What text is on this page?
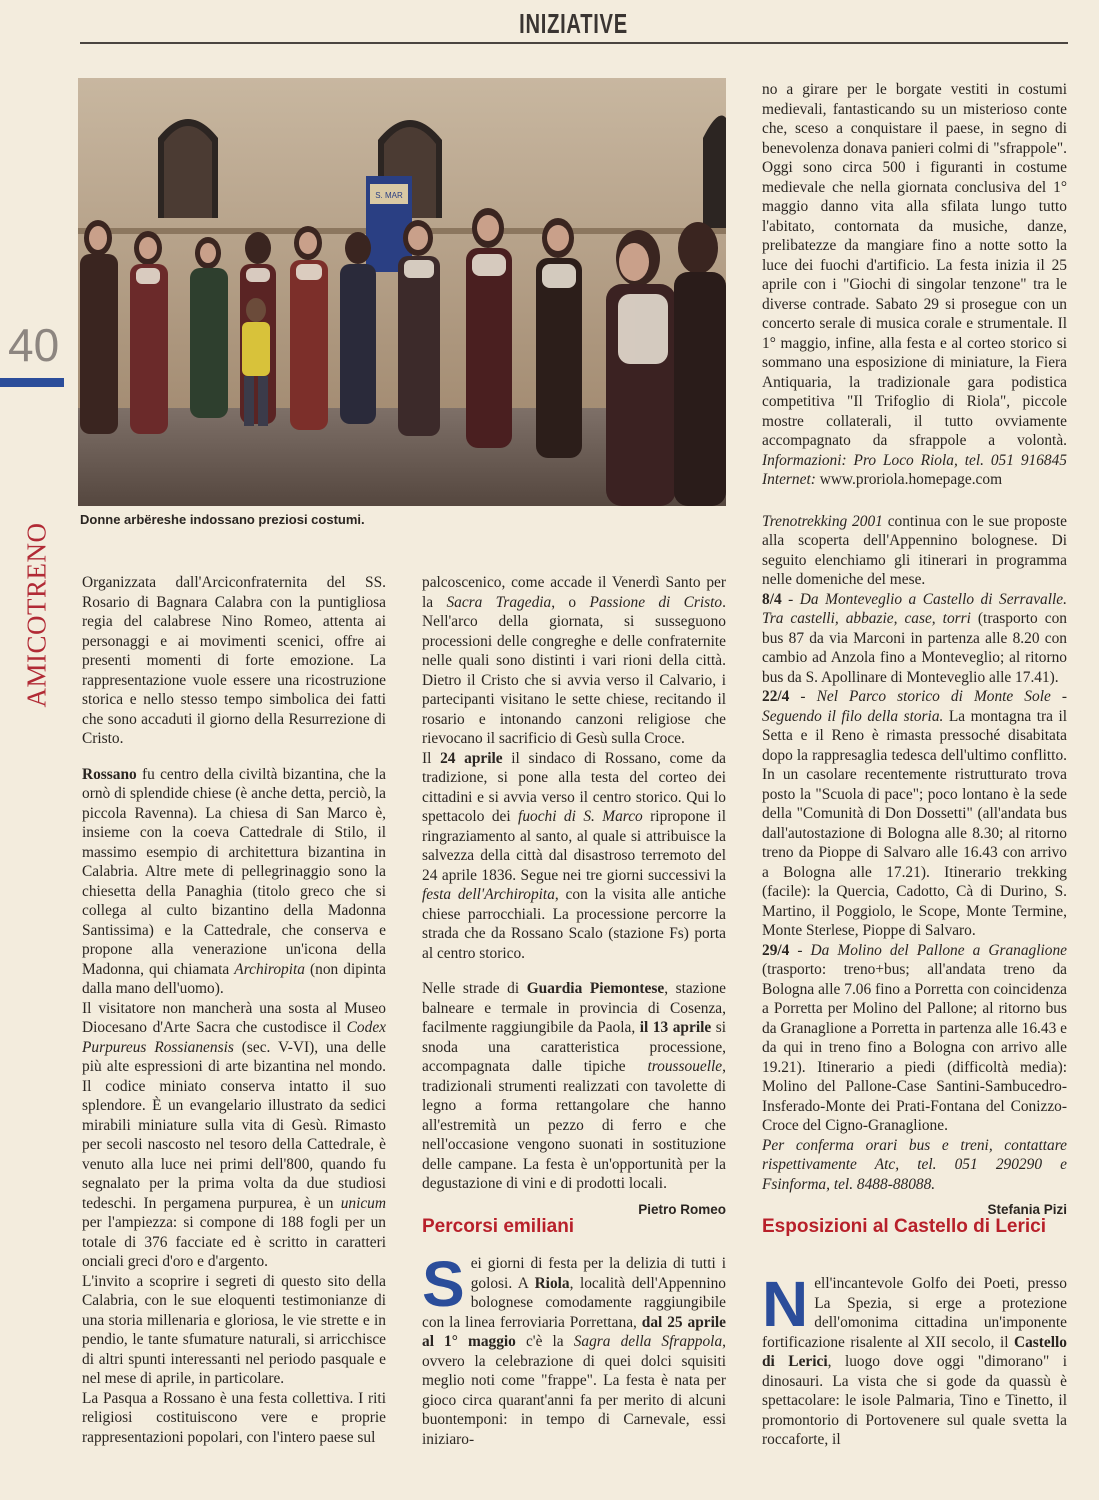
INIZIATIVE
40
AMICOTRENO
S. MAR
Donne arbëreshe indossano preziosi costumi.

Organizzata dall'Arciconfraternita del SS. Rosario di Bagnara Calabra con la puntigliosa regia del calabrese Nino Romeo, attenta ai personaggi e ai movimenti scenici, offre ai presenti momenti di forte emozione. La rappresentazione vuole essere una ricostruzione storica e nello stesso tempo simbolica dei fatti che sono accaduti il giorno della Resurrezione di Cristo.

Rossano fu centro della civiltà bizantina, che la ornò di splendide chiese (è anche detta, perciò, la piccola Ravenna). La chiesa di San Marco è, insieme con la coeva Cattedrale di Stilo, il massimo esempio di architettura bizantina in Calabria. Altre mete di pellegrinaggio sono la chiesetta della Panaghia (titolo greco che si collega al culto bizantino della Madonna Santissima) e la Cattedrale, che conserva e propone alla venerazione un'icona della Madonna, qui chiamata Archiropita (non dipinta dalla mano dell'uomo).

Il visitatore non mancherà una sosta al Museo Diocesano d'Arte Sacra che custodisce il Codex Purpureus Rossianensis (sec. V-VI), una delle più alte espressioni di arte bizantina nel mondo. Il codice miniato conserva intatto il suo splendore. È un evangelario illustrato da sedici mirabili miniature sulla vita di Gesù. Rimasto per secoli nascosto nel tesoro della Cattedrale, è venuto alla luce nei primi dell'800, quando fu segnalato per la prima volta da due studiosi tedeschi. In pergamena purpurea, è un unicum per l'ampiezza: si compone di 188 fogli per un totale di 376 facciate ed è scritto in caratteri onciali greci d'oro e d'argento.

L'invito a scoprire i segreti di questo sito della Calabria, con le sue eloquenti testimonianze di una storia millenaria e gloriosa, le vie strette e in pendio, le tante sfumature naturali, si arricchisce di altri spunti interessanti nel periodo pasquale e nel mese di aprile, in particolare.

La Pasqua a Rossano è una festa collettiva. I riti religiosi costituiscono vere e proprie rappresentazioni popolari, con l'intero paese sul

palcoscenico, come accade il Venerdì Santo per la Sacra Tragedia, o Passione di Cristo. Nell'arco della giornata, si susseguono processioni delle congreghe e delle confraternite nelle quali sono distinti i vari rioni della città. Dietro il Cristo che si avvia verso il Calvario, i partecipanti visitano le sette chiese, recitando il rosario e intonando canzoni religiose che rievocano il sacrificio di Gesù sulla Croce.

Il 24 aprile il sindaco di Rossano, come da tradizione, si pone alla testa del corteo dei cittadini e si avvia verso il centro storico. Qui lo spettacolo dei fuochi di S. Marco ripropone il ringraziamento al santo, al quale si attribuisce la salvezza della città dal disastroso terremoto del 24 aprile 1836. Segue nei tre giorni successivi la festa dell'Archiropita, con la visita alle antiche chiese parrocchiali. La processione percorre la strada che da Rossano Scalo (stazione Fs) porta al centro storico.

Nelle strade di Guardia Piemontese, stazione balneare e termale in provincia di Cosenza, facilmente raggiungibile da Paola, il 13 aprile si snoda una caratteristica processione, accompagnata dalle tipiche troussouelle, tradizionali strumenti realizzati con tavolette di legno a forma rettangolare che hanno all'estremità un pezzo di ferro e che nell'occasione vengono suonati in sostituzione delle campane. La festa è un'opportunità per la degustazione di vini e di prodotti locali.

Pietro Romeo
Percorsi emiliani

Sei giorni di festa per la delizia di tutti i golosi. A Riola, località dell'Appennino bolognese comodamente raggiungibile con la linea ferroviaria Porrettana, dal 25 aprile al 1° maggio c'è la Sagra della Sfrappola, ovvero la celebrazione di quei dolci squisiti meglio noti come "frappe". La festa è nata per gioco circa quarant'anni fa per merito di alcuni buontemponi: in tempo di Carnevale, essi iniziaro-

no a girare per le borgate vestiti in costumi medievali, fantasticando su un misterioso conte che, sceso a conquistare il paese, in segno di benevolenza donava panieri colmi di "sfrappole". Oggi sono circa 500 i figuranti in costume medievale che nella giornata conclusiva del 1° maggio danno vita alla sfilata lungo tutto l'abitato, contornata da musiche, danze, prelibatezze da mangiare fino a notte sotto la luce dei fuochi d'artificio. La festa inizia il 25 aprile con i "Giochi di singolar tenzone" tra le diverse contrade. Sabato 29 si prosegue con un concerto serale di musica corale e strumentale. Il 1° maggio, infine, alla festa e al corteo storico si sommano una esposizione di miniature, la Fiera Antiquaria, la tradizionale gara podistica competitiva "Il Trifoglio di Riola", piccole mostre collaterali, il tutto ovviamente accompagnato da sfrappole a volontà. Informazioni: Pro Loco Riola, tel. 051 916845 Internet: www.proriola.homepage.com

Trenotrekking 2001 continua con le sue proposte alla scoperta dell'Appennino bolognese. Di seguito elenchiamo gli itinerari in programma nelle domeniche del mese.

8/4 - Da Monteveglio a Castello di Serravalle. Tra castelli, abbazie, case, torri (trasporto con bus 87 da via Marconi in partenza alle 8.20 con cambio ad Anzola fino a Monteveglio; al ritorno bus da S. Apollinare di Monteveglio alle 17.41).

22/4 - Nel Parco storico di Monte Sole - Seguendo il filo della storia. La montagna tra il Setta e il Reno è rimasta pressoché disabitata dopo la rappresaglia tedesca dell'ultimo conflitto. In un casolare recentemente ristrutturato trova posto la "Scuola di pace"; poco lontano è la sede della "Comunità di Don Dossetti" (all'andata bus dall'autostazione di Bologna alle 8.30; al ritorno treno da Pioppe di Salvaro alle 16.43 con arrivo a Bologna alle 17.21). Itinerario trekking (facile): la Quercia, Cadotto, Cà di Durino, S. Martino, il Poggiolo, le Scope, Monte Termine, Monte Sterlese, Pioppe di Salvaro.

29/4 - Da Molino del Pallone a Granaglione (trasporto: treno+bus; all'andata treno da Bologna alle 7.06 fino a Porretta con coincidenza a Porretta per Molino del Pallone; al ritorno bus da Granaglione a Porretta in partenza alle 16.43 e da qui in treno fino a Bologna con arrivo alle 19.21). Itinerario a piedi (difficoltà media): Molino del Pallone-Case Santini-Sambucedro-Insferado-Monte dei Prati-Fontana del Conizzo-Croce del Cigno-Granaglione.

Per conferma orari bus e treni, contattare rispettivamente Atc, tel. 051 290290 e Fsinforma, tel. 8488-88088.

Stefania Pizi
Esposizioni al Castello di Lerici

Nell'incantevole Golfo dei Poeti, presso La Spezia, si erge a protezione dell'omonima cittadina un'imponente fortificazione risalente al XII secolo, il Castello di Lerici, luogo dove oggi "dimorano" i dinosauri. La vista che si gode da quassù è spettacolare: le isole Palmaria, Tino e Tinetto, il promontorio di Portovenere sul quale svetta la roccaforte, il
